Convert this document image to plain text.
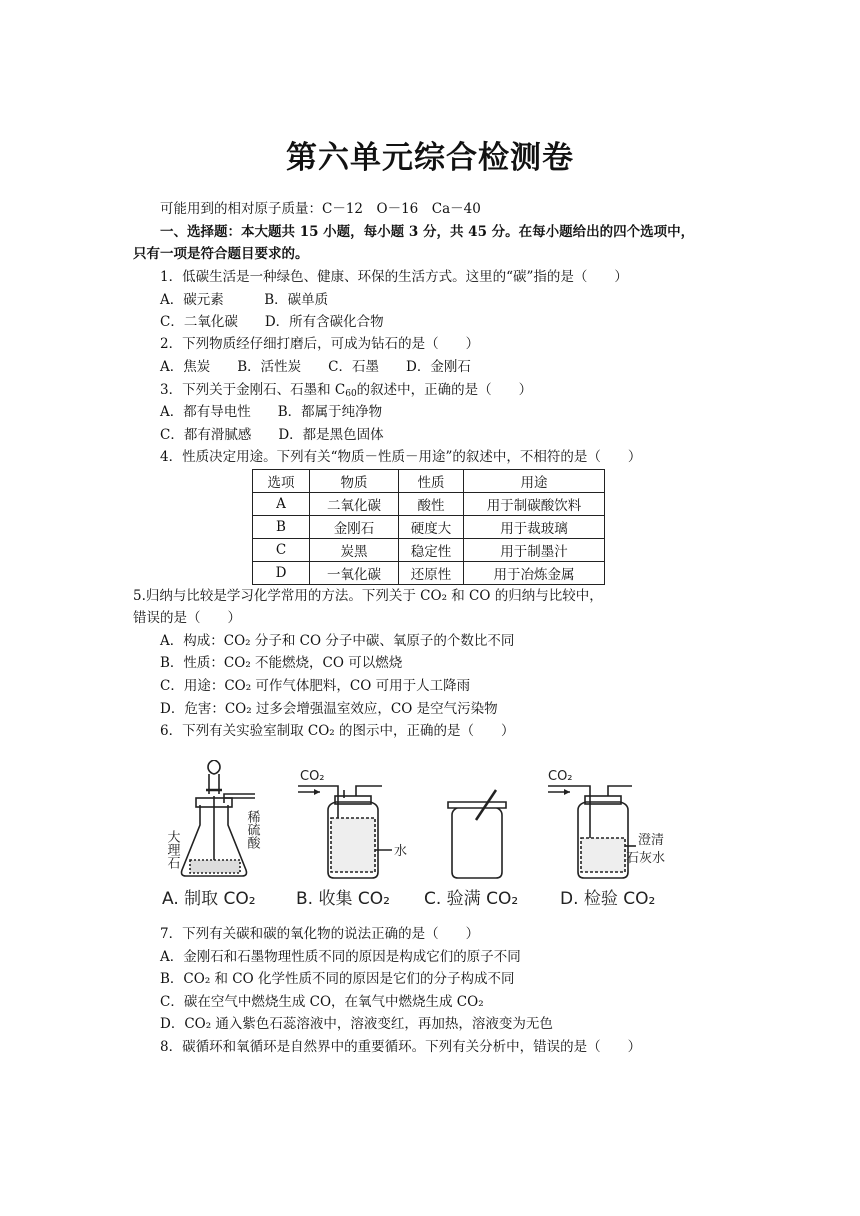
第六单元综合检测卷
可能用到的相对原子质量：C－12　O－16　Ca－40
一、选择题：本大题共 15 小题，每小题 3 分，共 45 分。在每小题给出的四个选项中，
只有一项是符合题目要求的。
1．低碳生活是一种绿色、健康、环保的生活方式。这里的“碳”指的是（　　）
A．碳元素　　　B．碳单质
C．二氧化碳　　D．所有含碳化合物
2．下列物质经仔细打磨后，可成为钻石的是（　　）
A．焦炭　　B．活性炭　　C．石墨　　D．金刚石
3．下列关于金刚石、石墨和 $C_{60}$的叙述中，正确的是（　　）
A．都有导电性　　B．都属于纯净物
C．都有滑腻感　　D．都是黑色固体
4．性质决定用途。下列有关“物质－性质－用途”的叙述中，不相符的是（　　）
选项	物质	性质	用途
A	二氧化碳	酸性	用于制碳酸饮料
B	金刚石	硬度大	用于裁玻璃
C	炭黑	稳定性	用于制墨汁
D	一氧化碳	还原性	用于冶炼金属
5.归纳与比较是学习化学常用的方法。下列关于 CO₂ 和 CO 的归纳与比较中，
错误的是（　　）
A．构成：CO₂ 分子和 CO 分子中碳、氧原子的个数比不同
B．性质：CO₂ 不能燃烧，CO 可以燃烧
C．用途：CO₂ 可作气体肥料，CO 可用于人工降雨
D．危害：CO₂ 过多会增强温室效应，CO 是空气污染物
6．下列有关实验室制取 CO₂ 的图示中，正确的是（　　）
CO₂	CO₂
大理石
稀硫酸
水
澄清
石灰水
A. 制取 CO₂ B. 收集 CO₂ C. 验满 CO₂ D. 检验 CO₂
7．下列有关碳和碳的氧化物的说法正确的是（　　）
A．金刚石和石墨物理性质不同的原因是构成它们的原子不同
B．CO₂ 和 CO 化学性质不同的原因是它们的分子构成不同
C．碳在空气中燃烧生成 CO，在氧气中燃烧生成 CO₂
D．CO₂ 通入紫色石蕊溶液中，溶液变红，再加热，溶液变为无色
8．碳循环和氧循环是自然界中的重要循环。下列有关分析中，错误的是（　　）
